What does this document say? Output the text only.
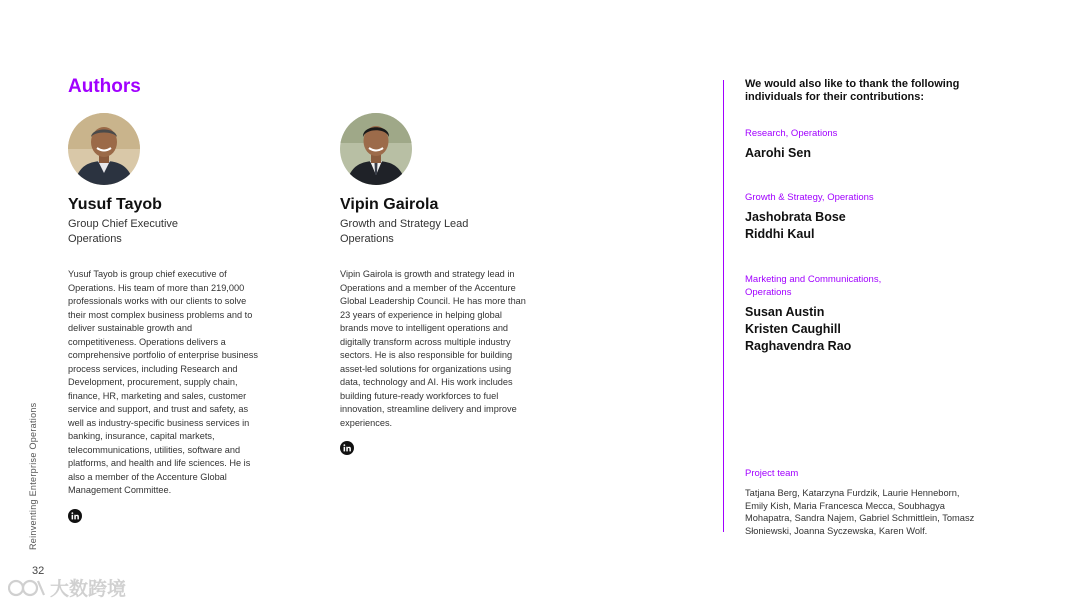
Reinventing Enterprise Operations
32
大数跨境
Authors
Yusuf Tayob
Group Chief Executive Operations
Yusuf Tayob is group chief executive of Operations. His team of more than 219,000 professionals works with our clients to solve their most complex business problems and to deliver sustainable growth and competitiveness. Operations delivers a comprehensive portfolio of enterprise business process services, including Research and Development, procurement, supply chain, finance, HR, marketing and sales, customer service and support, and trust and safety, as well as industry-specific business services in banking, insurance, capital markets, telecommunications, utilities, software and platforms, and health and life sciences. He is also a member of the Accenture Global Management Committee.
Vipin Gairola
Growth and Strategy Lead Operations
Vipin Gairola is growth and strategy lead in Operations and a member of the Accenture Global Leadership Council. He has more than 23 years of experience in helping global brands move to intelligent operations and digitally transform across multiple industry sectors. He is also responsible for building asset-led solutions for organizations using data, technology and AI. His work includes building future-ready workforces to fuel innovation, streamline delivery and improve experiences.
We would also like to thank the following individuals for their contributions:
Research, Operations
Aarohi Sen
Growth & Strategy, Operations
Jashobrata Bose
Riddhi Kaul
Marketing and Communications, Operations
Susan Austin
Kristen Caughill
Raghavendra Rao
Project team
Tatjana Berg, Katarzyna Furdzik, Laurie Henneborn, Emily Kish, Maria Francesca Mecca, Soubhagya Mohapatra, Sandra Najem, Gabriel Schmittlein, Tomasz Słoniewski, Joanna Syczewska, Karen Wolf.
